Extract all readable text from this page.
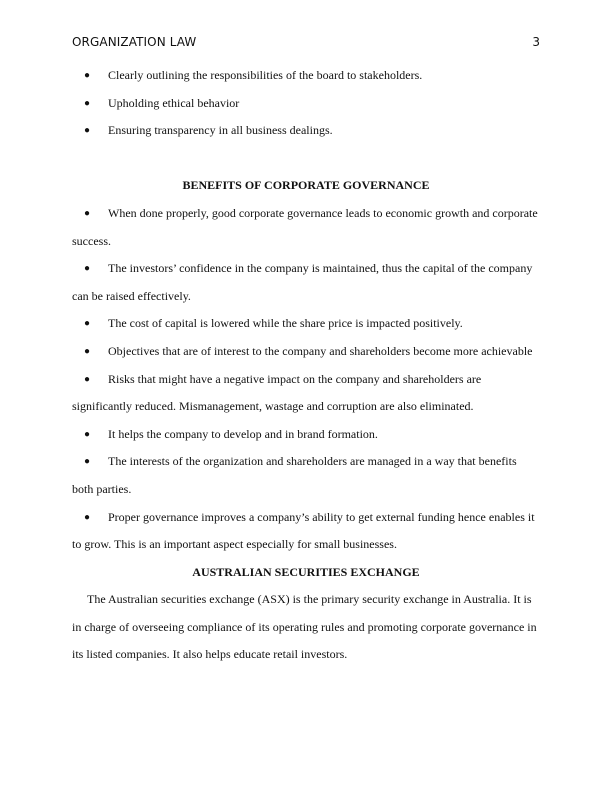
ORGANIZATION LAW	3
● Clearly outlining the responsibilities of the board to stakeholders.
● Upholding ethical behavior
● Ensuring transparency in all business dealings.
BENEFITS OF CORPORATE GOVERNANCE
● When done properly, good corporate governance leads to economic growth and corporate success.
● The investors’ confidence in the company is maintained, thus the capital of the company can be raised effectively.
● The cost of capital is lowered while the share price is impacted positively.
● Objectives that are of interest to the company and shareholders become more achievable
● Risks that might have a negative impact on the company and shareholders are significantly reduced. Mismanagement, wastage and corruption are also eliminated.
● It helps the company to develop and in brand formation.
● The interests of the organization and shareholders are managed in a way that benefits both parties.
● Proper governance improves a company’s ability to get external funding hence enables it to grow. This is an important aspect especially for small businesses.
AUSTRALIAN SECURITIES EXCHANGE

The Australian securities exchange (ASX) is the primary security exchange in Australia. It is in charge of overseeing compliance of its operating rules and promoting corporate governance in its listed companies. It also helps educate retail investors.
